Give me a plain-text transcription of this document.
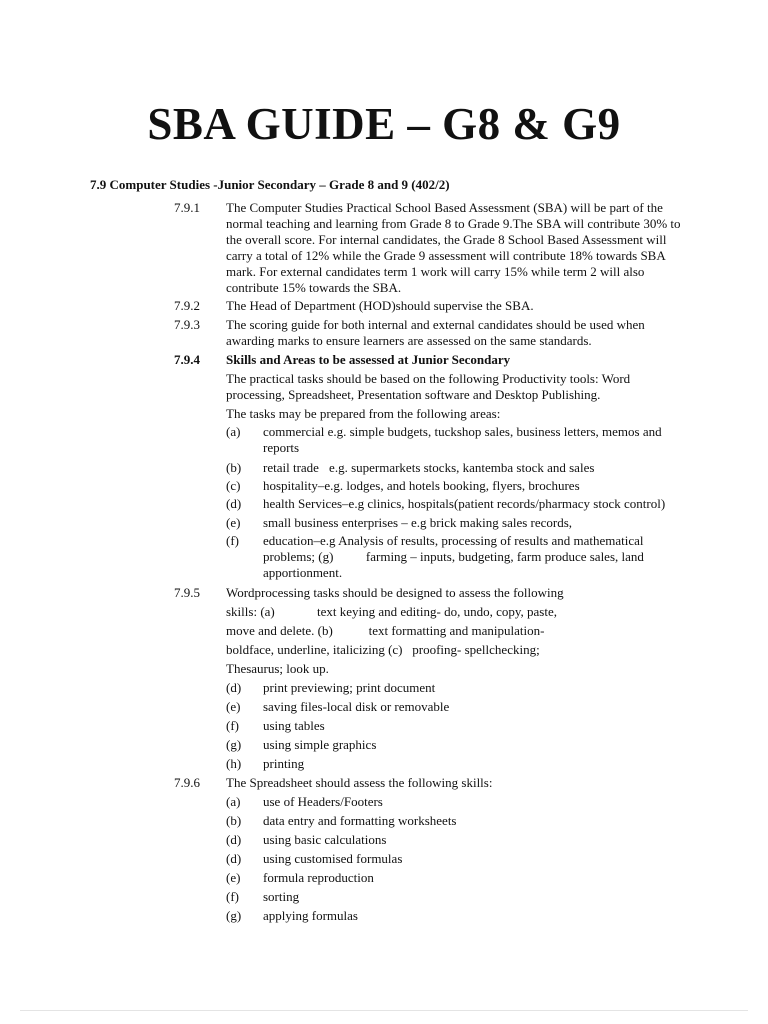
SBA GUIDE – G8 & G9
7.9 Computer Studies -Junior Secondary – Grade 8 and 9 (402/2)
7.9.1 The Computer Studies Practical School Based Assessment (SBA) will be part of the
normal teaching and learning from Grade 8 to Grade 9.The SBA will contribute 30% to
the overall score. For internal candidates, the Grade 8 School Based Assessment will
carry a total of 12% while the Grade 9 assessment will contribute 18% towards SBA
mark. For external candidates term 1 work will carry 15% while term 2 will also
contribute 15% towards the SBA.
7.9.2 The Head of Department (HOD)should supervise the SBA.
7.9.3 The scoring guide for both internal and external candidates should be used when
awarding marks to ensure learners are assessed on the same standards.
7.9.4 Skills and Areas to be assessed at Junior Secondary
The practical tasks should be based on the following Productivity tools: Word
processing, Spreadsheet, Presentation software and Desktop Publishing.
The tasks may be prepared from the following areas:
(a) commercial e.g. simple budgets, tuckshop sales, business letters, memos and
reports
(b) retail trade e.g. supermarkets stocks, kantemba stock and sales
(c) hospitality–e.g. lodges, and hotels booking, flyers, brochures
(d) health Services–e.g clinics, hospitals(patient records/pharmacy stock control)
(e) small business enterprises – e.g brick making sales records,
(f) education–e.g Analysis of results, processing of results and mathematical
problems; (g)          farming – inputs, budgeting, farm produce sales, land
apportionment.
7.9.5 Wordprocessing tasks should be designed to assess the following
skills: (a)             text keying and editing- do, undo, copy, paste,
move and delete. (b)           text formatting and manipulation-
boldface, underline, italicizing (c)   proofing- spellchecking;
Thesaurus; look up.
(d) print previewing; print document
(e) saving files-local disk or removable
(f) using tables
(g) using simple graphics
(h) printing
7.9.6 The Spreadsheet should assess the following skills:
(a) use of Headers/Footers
(b) data entry and formatting worksheets
(d) using basic calculations
(d) using customised formulas
(e) formula reproduction
(f) sorting
(g) applying formulas
